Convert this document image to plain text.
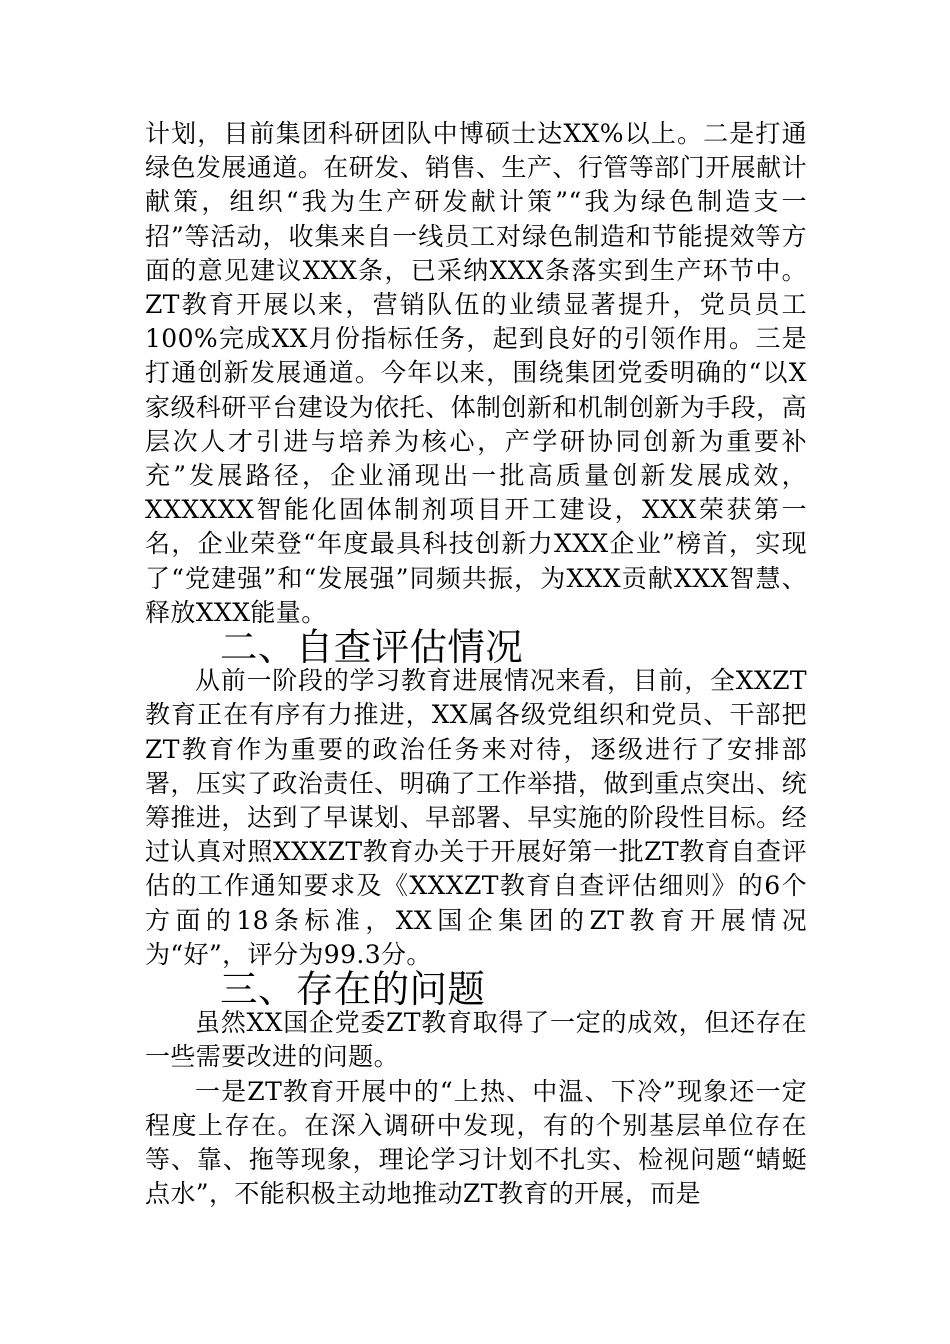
计划，目前集团科研团队中博硕士达XX%以上。二是打通绿色发展通道。在研发、销售、生产、行管等部门开展献计献策，组织“我为生产研发献计策”“我为绿色制造支一招”等活动，收集来自一线员工对绿色制造和节能提效等方面的意见建议XXX条，已采纳XXX条落实到生产环节中。ZT教育开展以来，营销队伍的业绩显著提升，党员员工100%完成XX月份指标任务，起到良好的引领作用。三是打通创新发展通道。今年以来，围绕集团党委明确的“以X家级科研平台建设为依托、体制创新和机制创新为手段，高层次人才引进与培养为核心，产学研协同创新为重要补充”发展路径，企业涌现出一批高质量创新发展成效，XXXXXX智能化固体制剂项目开工建设，XXX荣获第一名，企业荣登“年度最具科技创新力XXX企业”榜首，实现了“党建强”和“发展强”同频共振，为XXX贡献XXX智慧、释放XXX能量。

二、自查评估情况

从前一阶段的学习教育进展情况来看，目前，全XXZT教育正在有序有力推进，XX属各级党组织和党员、干部把ZT教育作为重要的政治任务来对待，逐级进行了安排部署，压实了政治责任、明确了工作举措，做到重点突出、统筹推进，达到了早谋划、早部署、早实施的阶段性目标。经过认真对照XXXZT教育办关于开展好第一批ZT教育自查评估的工作通知要求及《XXXZT教育自查评估细则》的6个方面的18条标准，XX国企集团的ZT教育开展情况为“好”，评分为99.3分。

三、存在的问题

虽然XX国企党委ZT教育取得了一定的成效，但还存在一些需要改进的问题。

一是ZT教育开展中的“上热、中温、下冷”现象还一定程度上存在。在深入调研中发现，有的个别基层单位存在等、靠、拖等现象，理论学习计划不扎实、检视问题“蜻蜓点水”，不能积极主动地推动ZT教育的开展，而是
